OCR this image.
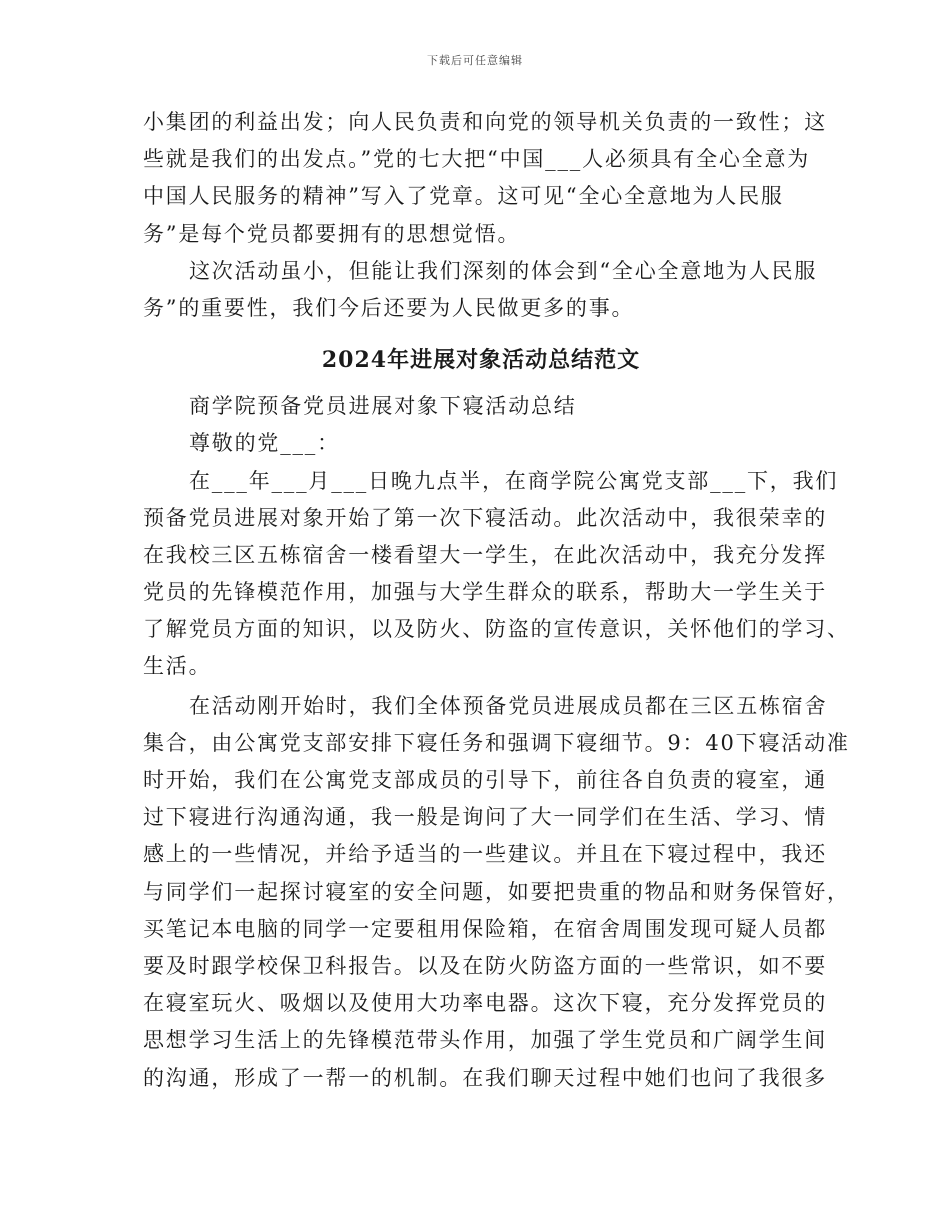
下载后可任意编辑
小集团的利益出发；向人民负责和向党的领导机关负责的一致性；这
些就是我们的出发点。”党的七大把“中国___人必须具有全心全意为
中国人民服务的精神”写入了党章。这可见“全心全意地为人民服
务”是每个党员都要拥有的思想觉悟。
这次活动虽小，但能让我们深刻的体会到“全心全意地为人民服
务”的重要性，我们今后还要为人民做更多的事。
2024年进展对象活动总结范文
商学院预备党员进展对象下寝活动总结
尊敬的党___：
在___年___月___日晚九点半，在商学院公寓党支部___下，我们
预备党员进展对象开始了第一次下寝活动。此次活动中，我很荣幸的
在我校三区五栋宿舍一楼看望大一学生，在此次活动中，我充分发挥
党员的先锋模范作用，加强与大学生群众的联系，帮助大一学生关于
了解党员方面的知识，以及防火、防盗的宣传意识，关怀他们的学习、
生活。
在活动刚开始时，我们全体预备党员进展成员都在三区五栋宿舍
集合，由公寓党支部安排下寝任务和强调下寝细节。9：40下寝活动准
时开始，我们在公寓党支部成员的引导下，前往各自负责的寝室，通
过下寝进行沟通沟通，我一般是询问了大一同学们在生活、学习、情
感上的一些情况，并给予适当的一些建议。并且在下寝过程中，我还
与同学们一起探讨寝室的安全问题，如要把贵重的物品和财务保管好，
买笔记本电脑的同学一定要租用保险箱，在宿舍周围发现可疑人员都
要及时跟学校保卫科报告。以及在防火防盗方面的一些常识，如不要
在寝室玩火、吸烟以及使用大功率电器。这次下寝，充分发挥党员的
思想学习生活上的先锋模范带头作用，加强了学生党员和广阔学生间
的沟通，形成了一帮一的机制。在我们聊天过程中她们也问了我很多
